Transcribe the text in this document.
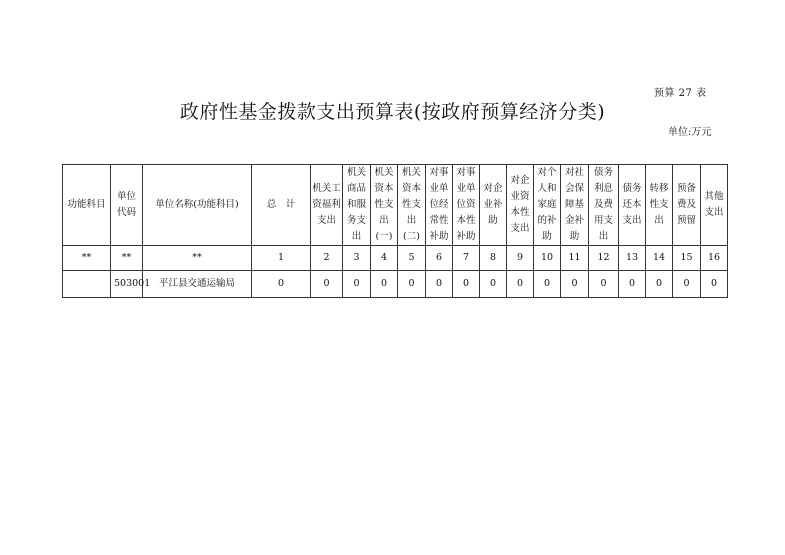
预算 27 表
政府性基金拨款支出预算表(按政府预算经济分类)
单位:万元
功能科目	单位代码	单位名称(功能科目)	总　计	机关工资福利支出	机关商品和服务支出	机关资本性支出(一)	机关资本性支出(二)	对事业单位经常性补助	对事业单位资本性补助	对企业补助	对企业资本性支出	对个人和家庭的补助	对社会保障基金补助	债务利息及费用支出	债务还本支出	转移性支出	预备费及预留	其他支出
**	**	**	1	2	3	4	5	6	7	8	9	10	11	12	13	14	15	16
	503001	平江县交通运输局	0	0	0	0	0	0	0	0	0	0	0	0	0	0	0	0
